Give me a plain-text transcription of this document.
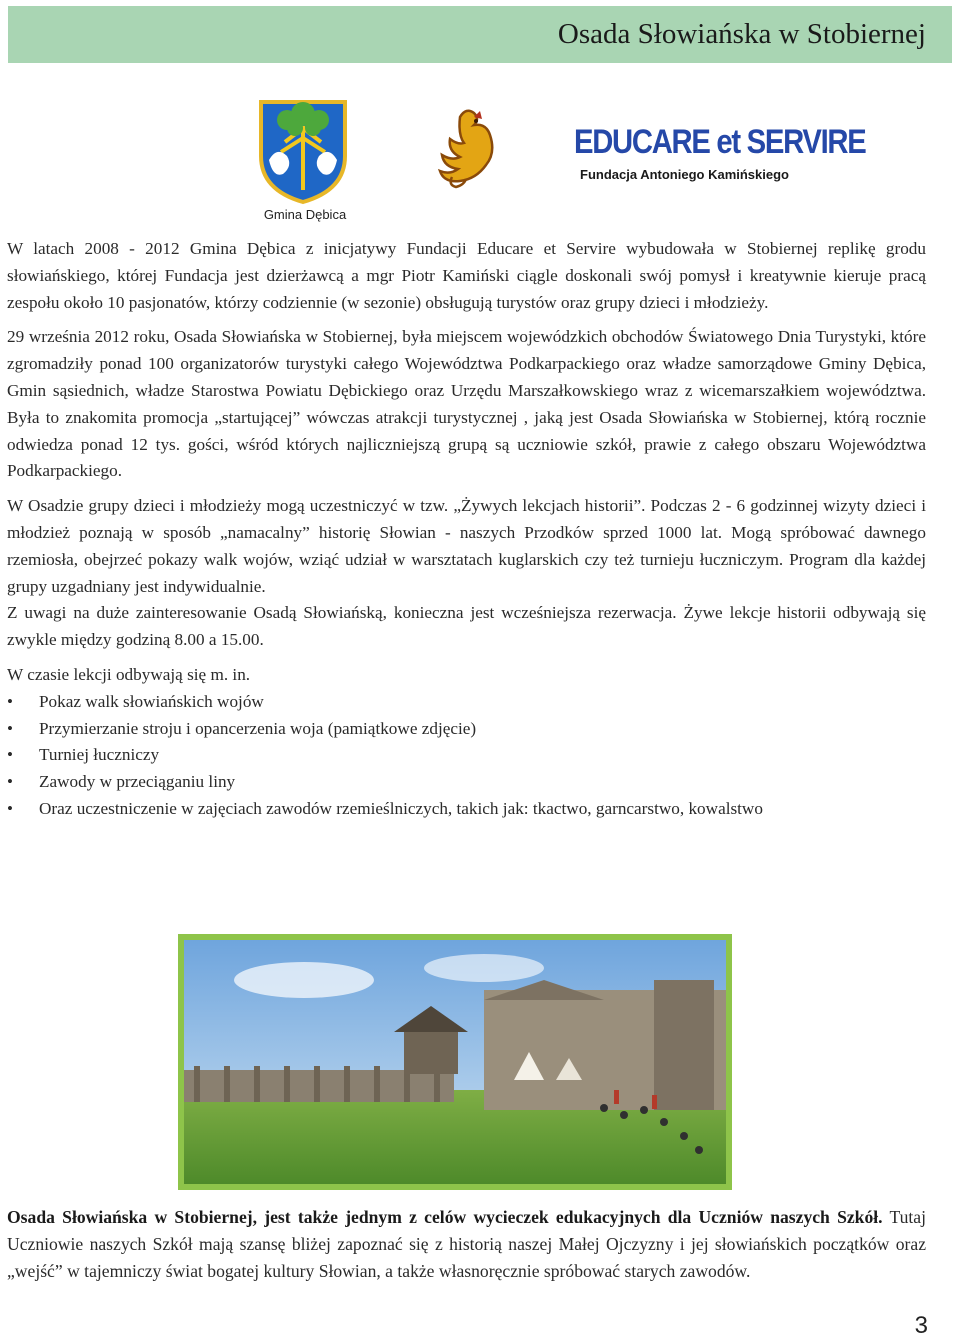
Osada Słowiańska w Stobiernej
Gmina Dębica
EDUCARE et SERVIRE
Fundacja Antoniego Kamińskiego

W latach 2008 - 2012 Gmina Dębica z inicjatywy Fundacji Educare et Servire wybudowała w Stobiernej replikę grodu słowiańskiego, której Fundacja jest dzierżawcą a mgr Piotr Kamiński ciągle doskonali swój pomysł i kreatywnie kieruje pracą zespołu około 10 pasjonatów, którzy codziennie (w sezonie) obsługują turystów oraz grupy dzieci i młodzieży.

29 września 2012 roku, Osada Słowiańska w Stobiernej, była miejscem wojewódzkich obchodów Światowego Dnia Turystyki, które zgromadziły ponad 100 organizatorów turystyki całego Województwa Podkarpackiego oraz władze samorządowe Gminy Dębica, Gmin sąsiednich, władze Starostwa Powiatu Dębickiego oraz Urzędu Marszałkowskiego wraz z wicemarszałkiem województwa. Była to znakomita promocja „startującej” wówczas atrakcji turystycznej , jaką jest Osada Słowiańska w Stobiernej, którą rocznie odwiedza ponad 12 tys. gości, wśród których najliczniejszą grupą są uczniowie szkół, prawie z całego obszaru Województwa Podkarpackiego.

W Osadzie grupy dzieci i młodzieży mogą uczestniczyć w tzw. „Żywych lekcjach historii”. Podczas 2 - 6 godzinnej wizyty dzieci i młodzież poznają w sposób „namacalny” historię Słowian - naszych Przodków sprzed 1000 lat. Mogą spróbować dawnego rzemiosła, obejrzeć pokazy walk wojów, wziąć udział w warsztatach kuglarskich czy też turnieju łuczniczym. Program dla każdej grupy uzgadniany jest indywidualnie.

Z uwagi na duże zainteresowanie Osadą Słowiańską, konieczna jest wcześniejsza rezerwacja. Żywe lekcje historii odbywają się zwykle między godziną 8.00 a 15.00.

W czasie lekcji odbywają się m. in.

• Pokaz walk słowiańskich wojów
• Przymierzanie stroju i opancerzenia woja (pamiątkowe zdjęcie)
• Turniej łuczniczy
• Zawody w przeciąganiu liny
• Oraz uczestniczenie w zajęciach zawodów rzemieślniczych, takich jak: tkactwo, garncarstwo, kowalstwo
Osada Słowiańska w Stobiernej, jest także jednym z celów wycieczek edukacyjnych dla Uczniów naszych Szkół. Tutaj Uczniowie naszych Szkół mają szansę bliżej zapoznać się z historią naszej Małej Ojczyzny i jej słowiańskich początków oraz „wejść” w tajemniczy świat bogatej kultury Słowian, a także własnoręcznie spróbować starych zawodów.
3
